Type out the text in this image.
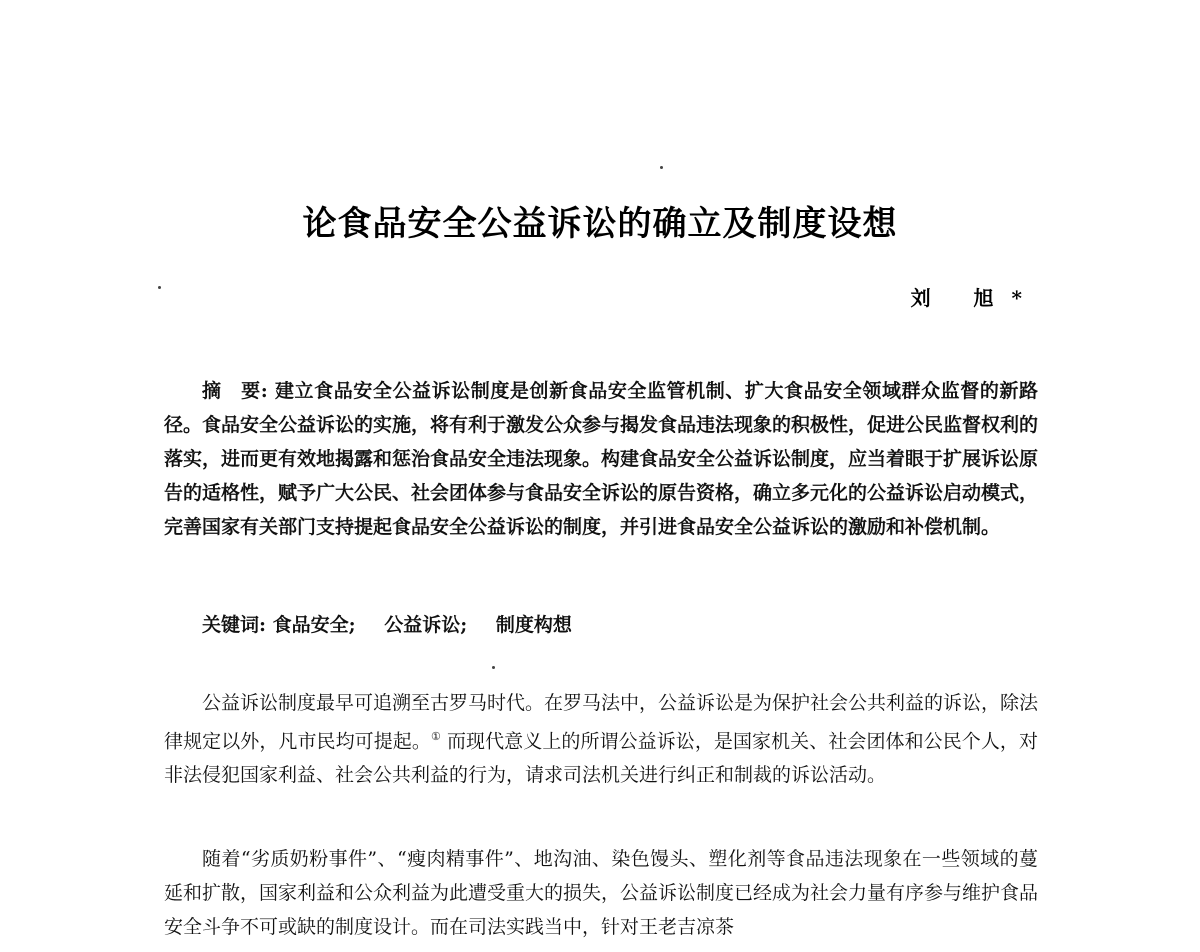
论食品安全公益诉讼的确立及制度设想
刘 旭*
摘　要: 建立食品安全公益诉讼制度是创新食品安全监管机制、扩大食品安全领域群众监督的新路径。食品安全公益诉讼的实施，将有利于激发公众参与揭发食品违法现象的积极性，促进公民监督权利的落实，进而更有效地揭露和惩治食品安全违法现象。构建食品安全公益诉讼制度，应当着眼于扩展诉讼原告的适格性，赋予广大公民、社会团体参与食品安全诉讼的原告资格，确立多元化的公益诉讼启动模式，完善国家有关部门支持提起食品安全公益诉讼的制度，并引进食品安全公益诉讼的激励和补偿机制。
关键词: 食品安全; 公益诉讼; 制度构想
公益诉讼制度最早可追溯至古罗马时代。在罗马法中，公益诉讼是为保护社会公共利益的诉讼，除法律规定以外，凡市民均可提起。① 而现代意义上的所谓公益诉讼，是国家机关、社会团体和公民个人，对非法侵犯国家利益、社会公共利益的行为，请求司法机关进行纠正和制裁的诉讼活动。
随着“劣质奶粉事件”、“瘦肉精事件”、地沟油、染色馒头、塑化剂等食品违法现象在一些领域的蔓延和扩散，国家利益和公众利益为此遭受重大的损失，公益诉讼制度已经成为社会力量有序参与维护食品安全斗争不可或缺的制度设计。而在司法实践当中，针对王老吉凉茶
